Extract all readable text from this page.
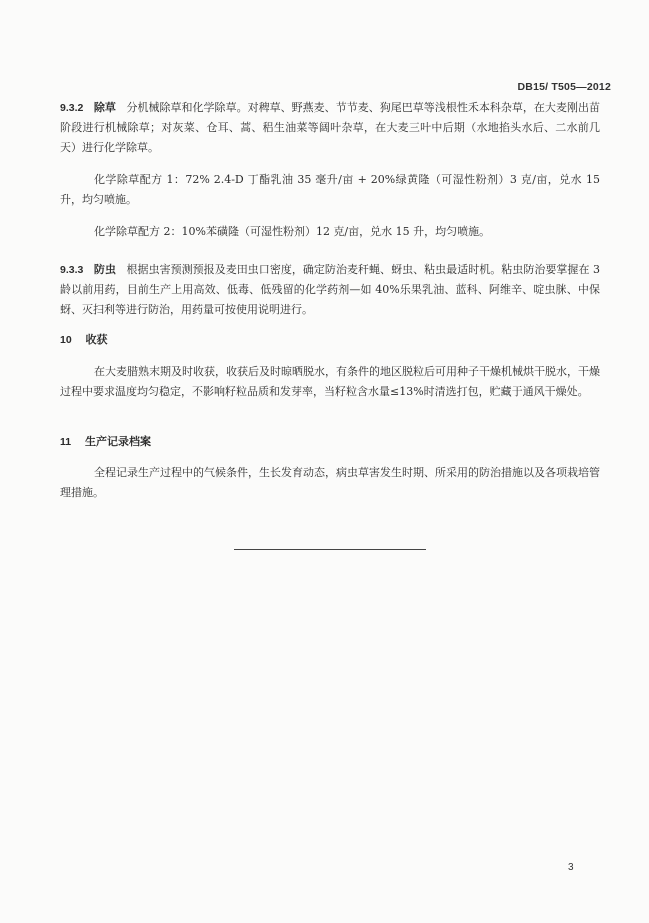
DB15/ T505—2012
9.3.2 除草 分机械除草和化学除草。对稗草、野燕麦、节节麦、狗尾巴草等浅根性禾本科杂草，在大麦刚出苗阶段进行机械除草；对灰菜、仓耳、蒿、稆生油菜等阔叶杂草，在大麦三叶中后期（水地掐头水后、二水前几天）进行化学除草。
化学除草配方 1：72% 2.4-D 丁酯乳油 35 毫升/亩 + 20%绿黄隆（可湿性粉剂）3 克/亩，兑水 15 升，均匀喷施。
化学除草配方 2：10%苯磺隆（可湿性粉剂）12 克/亩，兑水 15 升，均匀喷施。
9.3.3 防虫 根据虫害预测预报及麦田虫口密度，确定防治麦秆蝇、蚜虫、粘虫最适时机。粘虫防治要掌握在 3 龄以前用药，目前生产上用高效、低毒、低残留的化学药剂—如 40%乐果乳油、蓝科、阿维辛、啶虫脒、中保蚜、灭扫利等进行防治，用药量可按使用说明进行。
10 收获
在大麦腊熟末期及时收获，收获后及时晾晒脱水，有条件的地区脱粒后可用种子干燥机械烘干脱水，干燥过程中要求温度均匀稳定，不影响籽粒品质和发芽率，当籽粒含水量≤13%时清选打包，贮藏于通风干燥处。
11 生产记录档案
全程记录生产过程中的气候条件，生长发育动态，病虫草害发生时期、所采用的防治措施以及各项栽培管理措施。
3
